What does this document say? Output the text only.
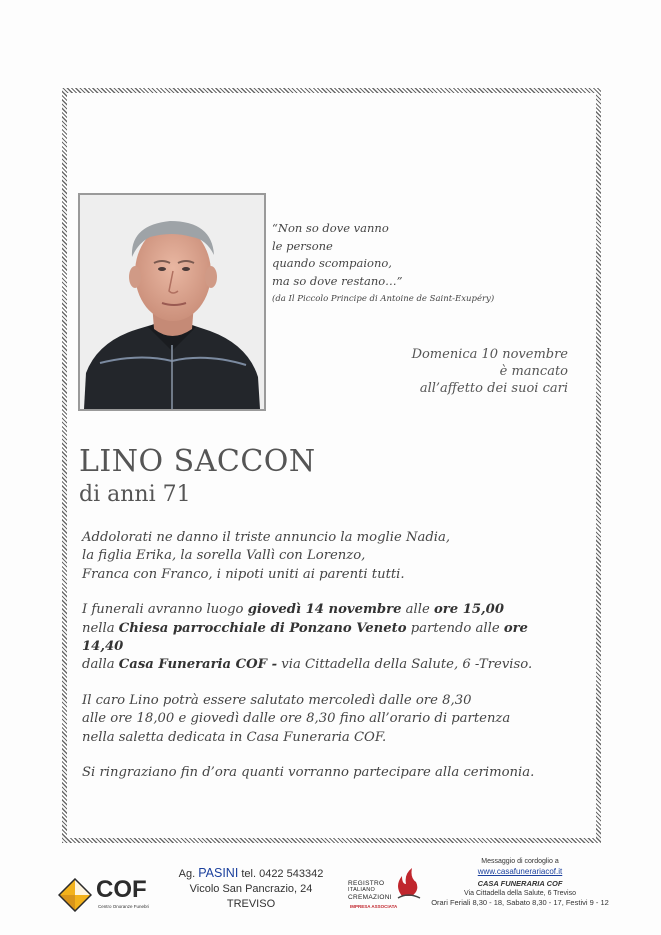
“Non so dove vanno
le persone
quando scompaiono,
ma so dove restano…”
(da Il Piccolo Principe di Antoine de Saint-Exupéry)
Domenica 10 novembre
è mancato
all’affetto dei suoi cari
LINO SACCON
di anni 71

Addolorati ne danno il triste annuncio la moglie Nadia,
la figlia Erika, la sorella Vallì con Lorenzo,
Franca con Franco, i nipoti uniti ai parenti tutti.

I funerali avranno luogo giovedì 14 novembre alle ore 15,00
nella Chiesa parrocchiale di Ponzano Veneto partendo alle ore 14,40
dalla Casa Funeraria COF - via Cittadella della Salute, 6 -Treviso.

Il caro Lino potrà essere salutato mercoledì dalle ore 8,30
alle ore 18,00 e giovedì dalle ore 8,30 fino all’orario di partenza
nella saletta dedicata in Casa Funeraria COF.

Si ringraziano fin d’ora quanti vorranno partecipare alla cerimonia.

COF
Centro Onoranze Funebri
Ag. PASINI tel. 0422 543342
Vicolo San Pancrazio, 24
TREVISO
REGISTRO
ITALIANO
CREMAZIONI
IMPRESA ASSOCIATA
Messaggio di cordoglio a
www.casafunerariacof.it
CASA FUNERARIA COF
Via Cittadella della Salute, 6 Treviso
Orari Feriali 8,30 - 18, Sabato 8,30 - 17, Festivi 9 - 12
